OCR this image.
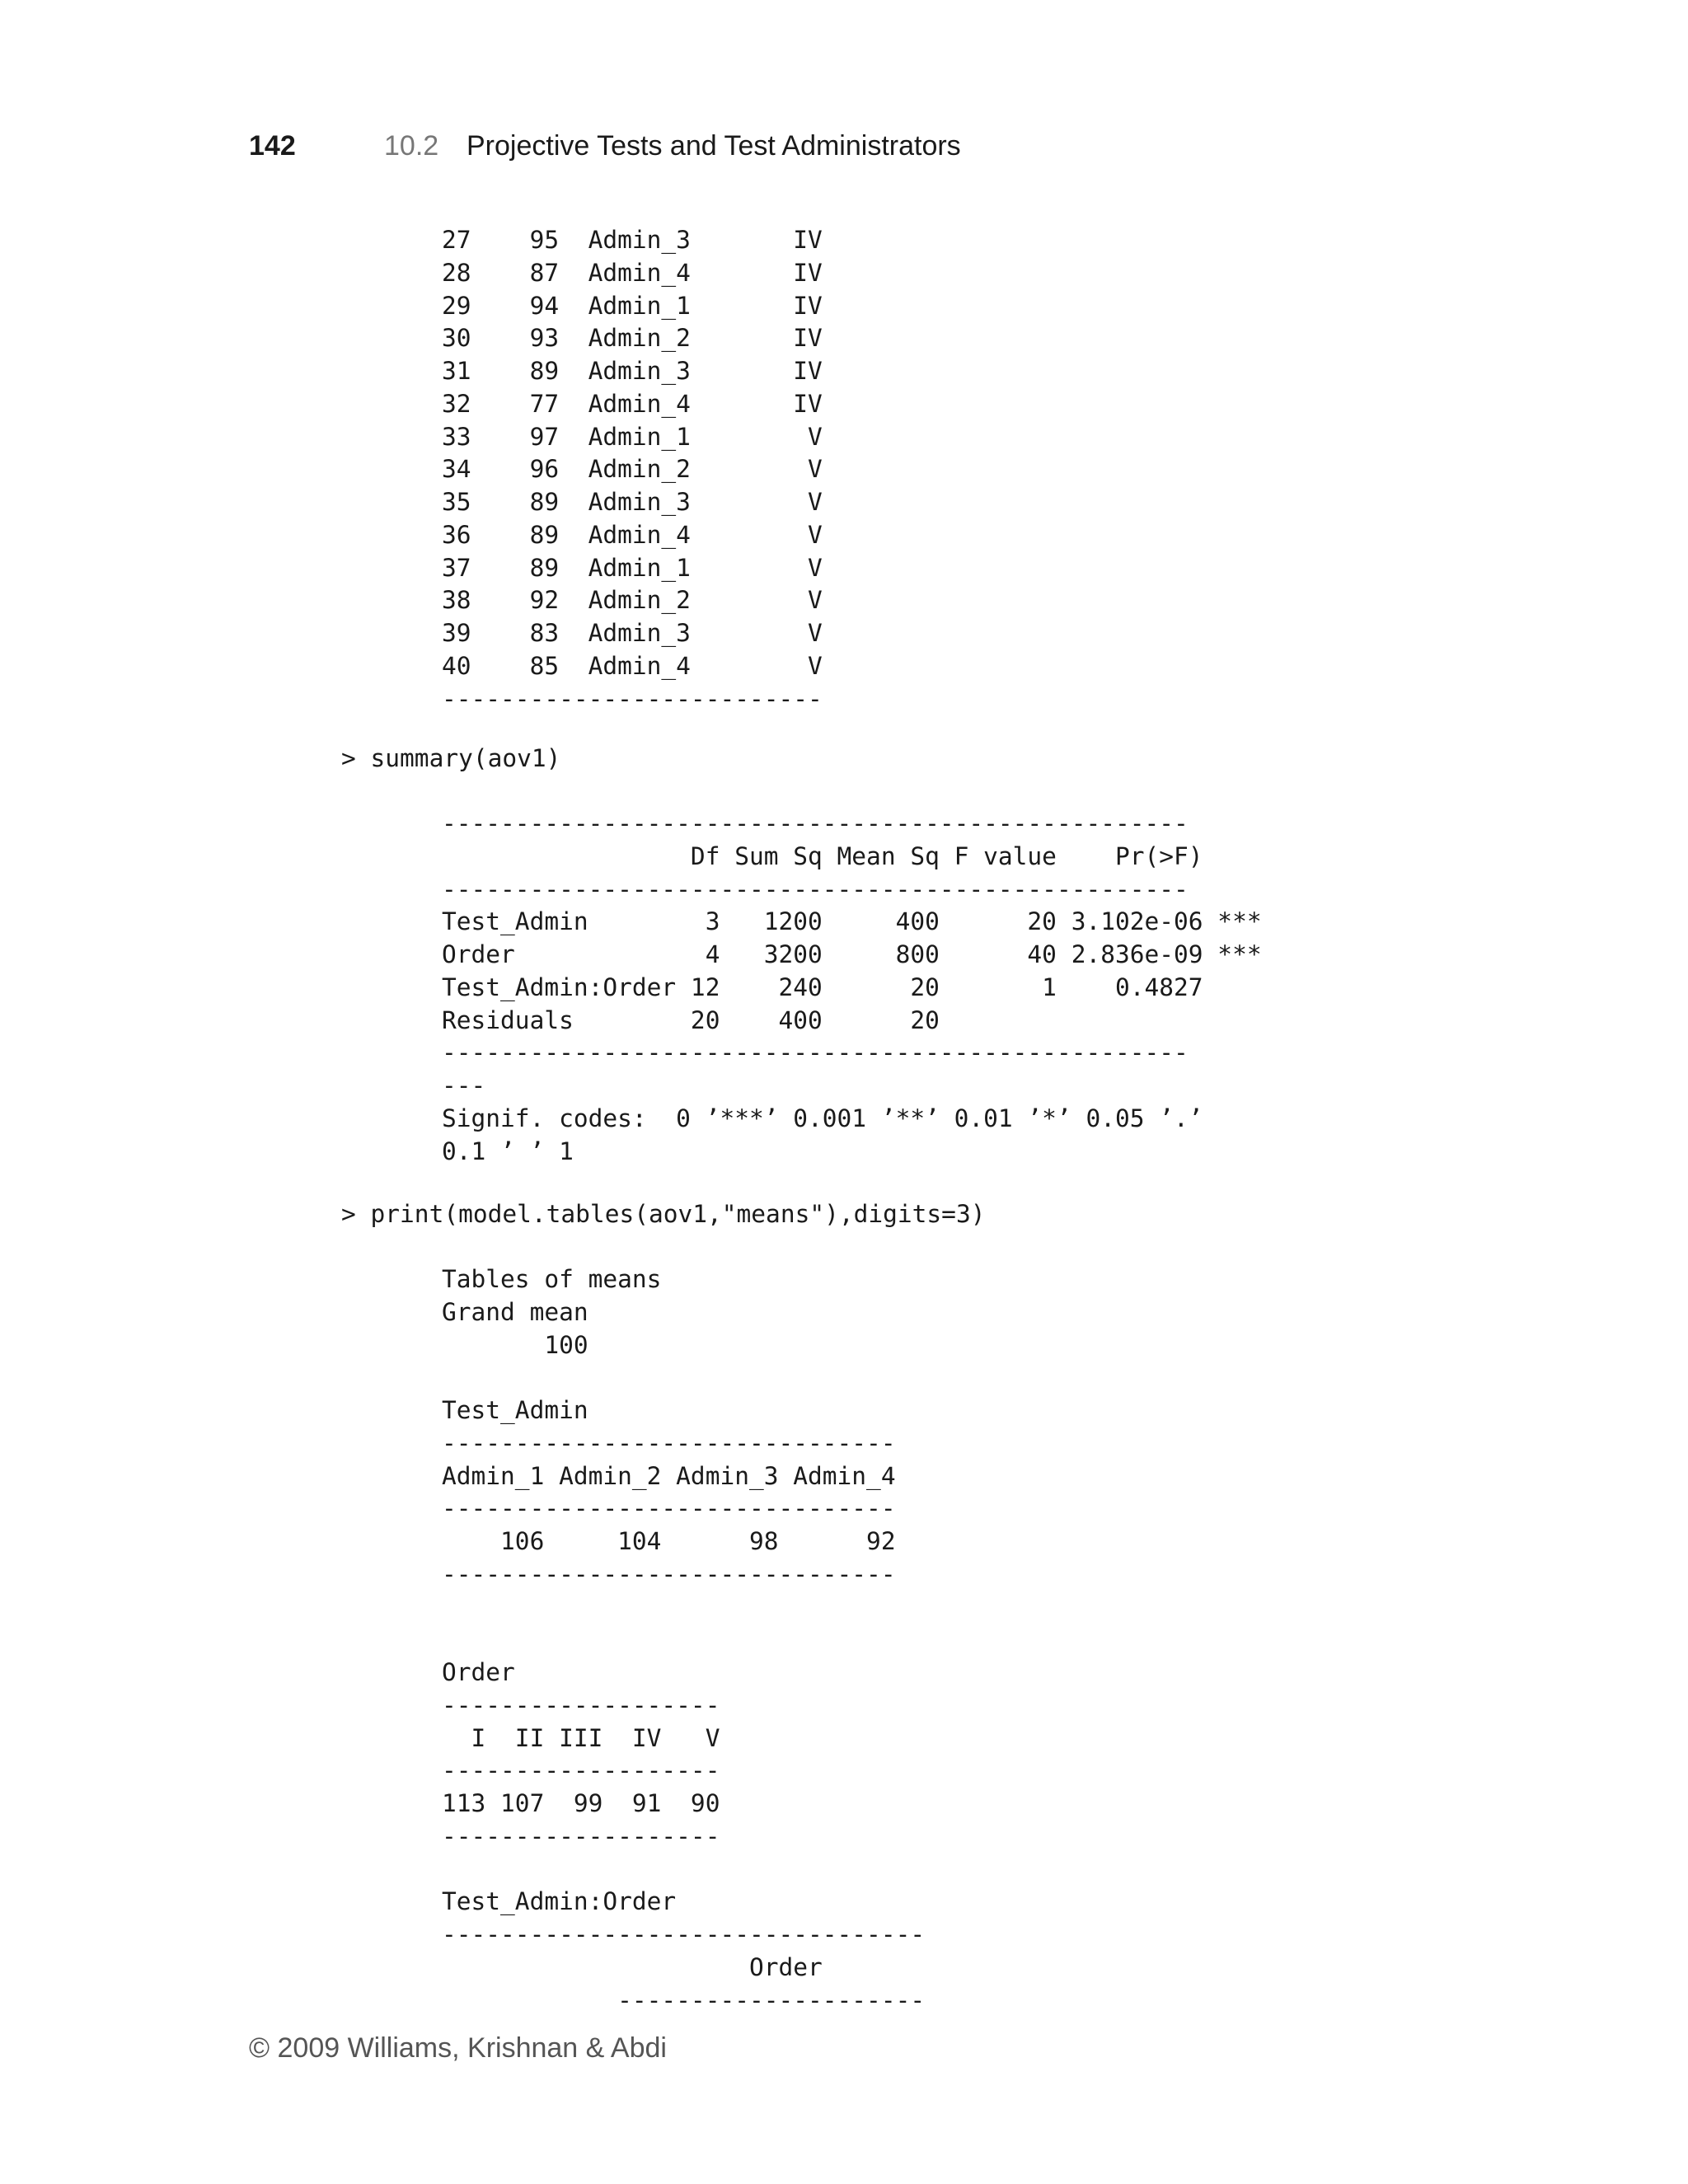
142	10.2 Projective Tests and Test Administrators
27    95  Admin_3       IV
28    87  Admin_4       IV
29    94  Admin_1       IV
30    93  Admin_2       IV
31    89  Admin_3       IV
32    77  Admin_4       IV
33    97  Admin_1        V
34    96  Admin_2        V
35    89  Admin_3        V
36    89  Admin_4        V
37    89  Admin_1        V
38    92  Admin_2        V
39    83  Admin_3        V
40    85  Admin_4        V
--------------------------
> summary(aov1)
---------------------------------------------------
Df Sum Sq Mean Sq F value    Pr(>F)
---------------------------------------------------
Test_Admin        3   1200     400      20 3.102e-06 ***
Order             4   3200     800      40 2.836e-09 ***
Test_Admin:Order 12    240      20       1    0.4827
Residuals        20    400      20
---------------------------------------------------
---
Signif. codes:  0 ’***’ 0.001 ’**’ 0.01 ’*’ 0.05 ’.’
0.1 ’ ’ 1
> print(model.tables(aov1,"means"),digits=3)
Tables of means
Grand mean
100

Test_Admin
-------------------------------
Admin_1 Admin_2 Admin_3 Admin_4
-------------------------------
106     104      98      92
-------------------------------

Order
-------------------
I  II III  IV   V
-------------------
113 107  99  91  90
-------------------

Test_Admin:Order
---------------------------------
Order
---------------------
© 2009 Williams, Krishnan & Abdi
